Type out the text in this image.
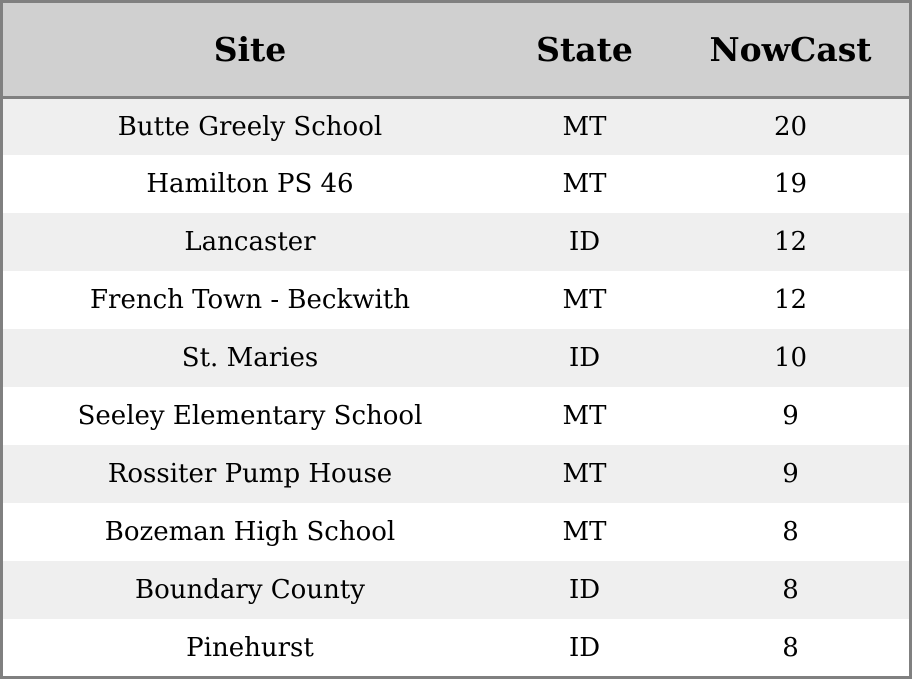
Site	State	NowCast
Butte Greely School	MT	20
Hamilton PS 46	MT	19
Lancaster	ID	12
French Town - Beckwith	MT	12
St. Maries	ID	10
Seeley Elementary School	MT	9
Rossiter Pump House	MT	9
Bozeman High School	MT	8
Boundary County	ID	8
Pinehurst	ID	8
